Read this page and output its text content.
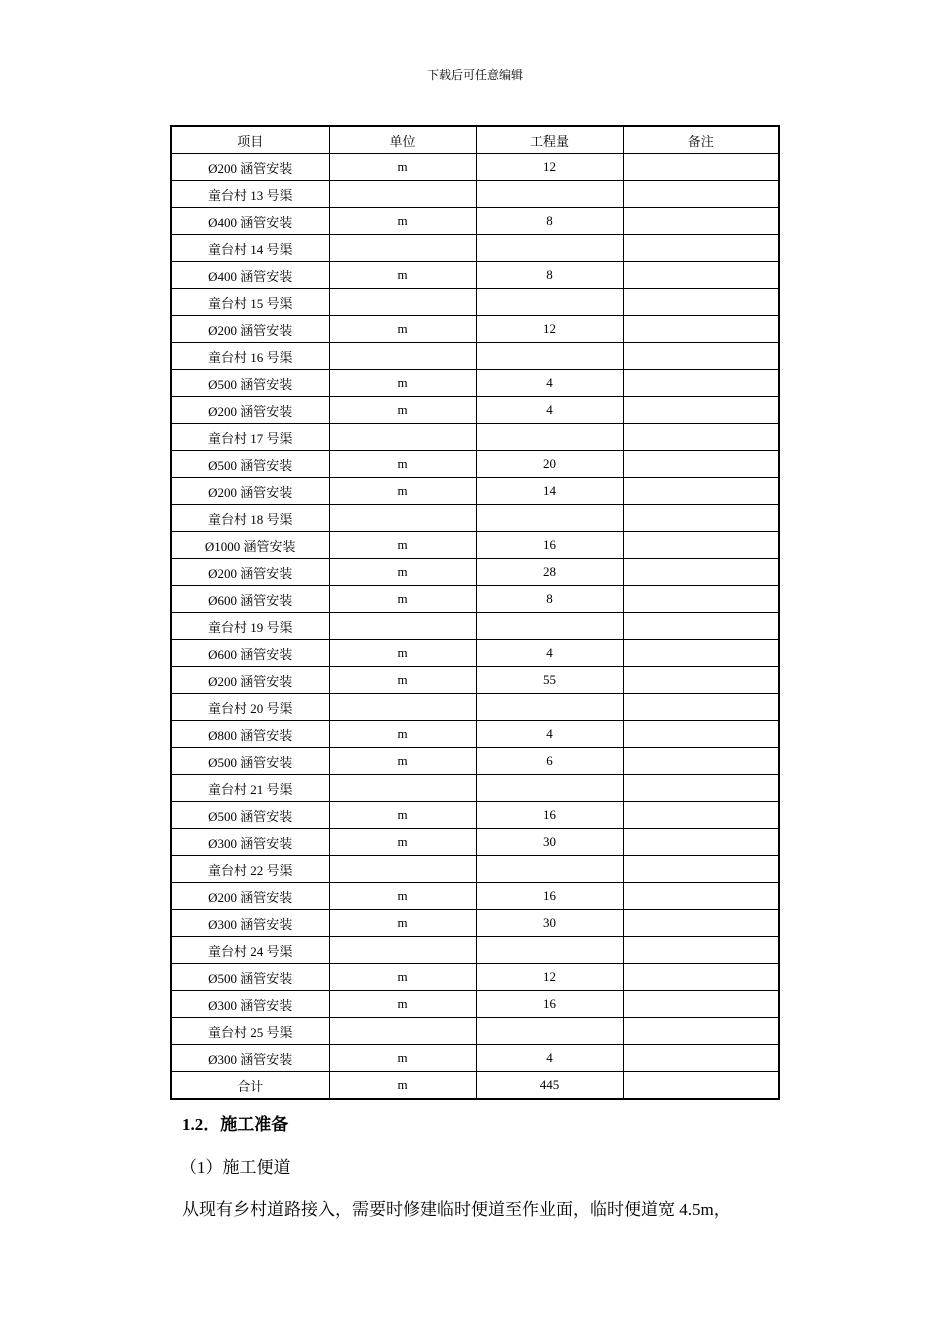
下载后可任意编辑
项目	单位	工程量	备注
Ø200 涵管安装	m	12	
童台村 13 号渠			
Ø400 涵管安装	m	8	
童台村 14 号渠			
Ø400 涵管安装	m	8	
童台村 15 号渠			
Ø200 涵管安装	m	12	
童台村 16 号渠			
Ø500 涵管安装	m	4	
Ø200 涵管安装	m	4	
童台村 17 号渠			
Ø500 涵管安装	m	20	
Ø200 涵管安装	m	14	
童台村 18 号渠			
Ø1000 涵管安装	m	16	
Ø200 涵管安装	m	28	
Ø600 涵管安装	m	8	
童台村 19 号渠			
Ø600 涵管安装	m	4	
Ø200 涵管安装	m	55	
童台村 20 号渠			
Ø800 涵管安装	m	4	
Ø500 涵管安装	m	6	
童台村 21 号渠			
Ø500 涵管安装	m	16	
Ø300 涵管安装	m	30	
童台村 22 号渠			
Ø200 涵管安装	m	16	
Ø300 涵管安装	m	30	
童台村 24 号渠			
Ø500 涵管安装	m	12	
Ø300 涵管安装	m	16	
童台村 25 号渠			
Ø300 涵管安装	m	4	
合计	m	445	
1.2．施工准备
（1）施工便道
从现有乡村道路接入，需要时修建临时便道至作业面，临时便道宽 4.5m，
